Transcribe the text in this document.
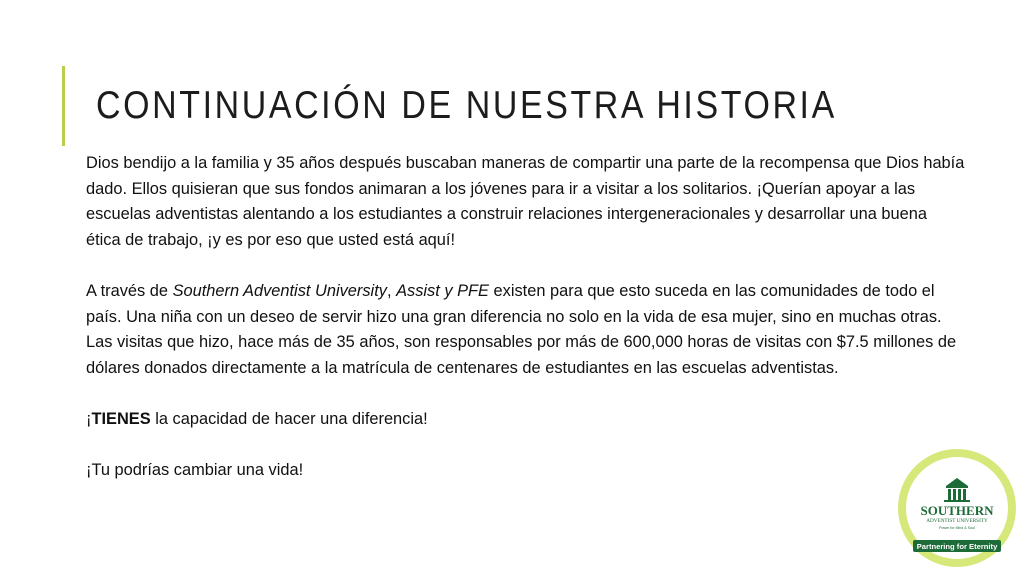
CONTINUACIÓN DE NUESTRA HISTORIA

Dios bendijo a la familia y 35 años después buscaban maneras de compartir una parte de la recompensa que Dios había dado. Ellos quisieran que sus fondos animaran a los jóvenes para ir a visitar a los solitarios. ¡Querían apoyar a las escuelas adventistas alentando a los estudiantes a construir relaciones intergeneracionales y desarrollar una buena ética de trabajo, ¡y es por eso que usted está aquí!

A través de Southern Adventist University, Assist y PFE existen para que esto suceda en las comunidades de todo el país. Una niña con un deseo de servir hizo una gran diferencia no solo en la vida de esa mujer, sino en muchas otras. Las visitas que hizo, hace más de 35 años, son responsables por más de 600,000 horas de visitas con $7.5 millones de dólares donados directamente a la matrícula de centenares de estudiantes en las escuelas adventistas.

¡TIENES la capacidad de hacer una diferencia!

¡Tu podrías cambiar una vida!

SOUTHERN
ADVENTIST UNIVERSITY
Power for Mind & Soul
Partnering for Eternity
